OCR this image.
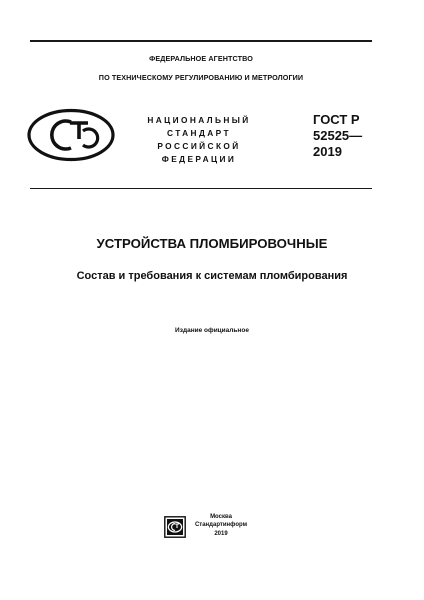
ФЕДЕРАЛЬНОЕ АГЕНТСТВО
ПО ТЕХНИЧЕСКОМУ РЕГУЛИРОВАНИЮ И МЕТРОЛОГИИ
НАЦИОНАЛЬНЫЙ
СТАНДАРТ
РОССИЙСКОЙ
ФЕДЕРАЦИИ
ГОСТ Р
52525—
2019
УСТРОЙСТВА ПЛОМБИРОВОЧНЫЕ
Состав и требования к системам пломбирования
Издание официальное
Москва
Стандартинформ
2019
